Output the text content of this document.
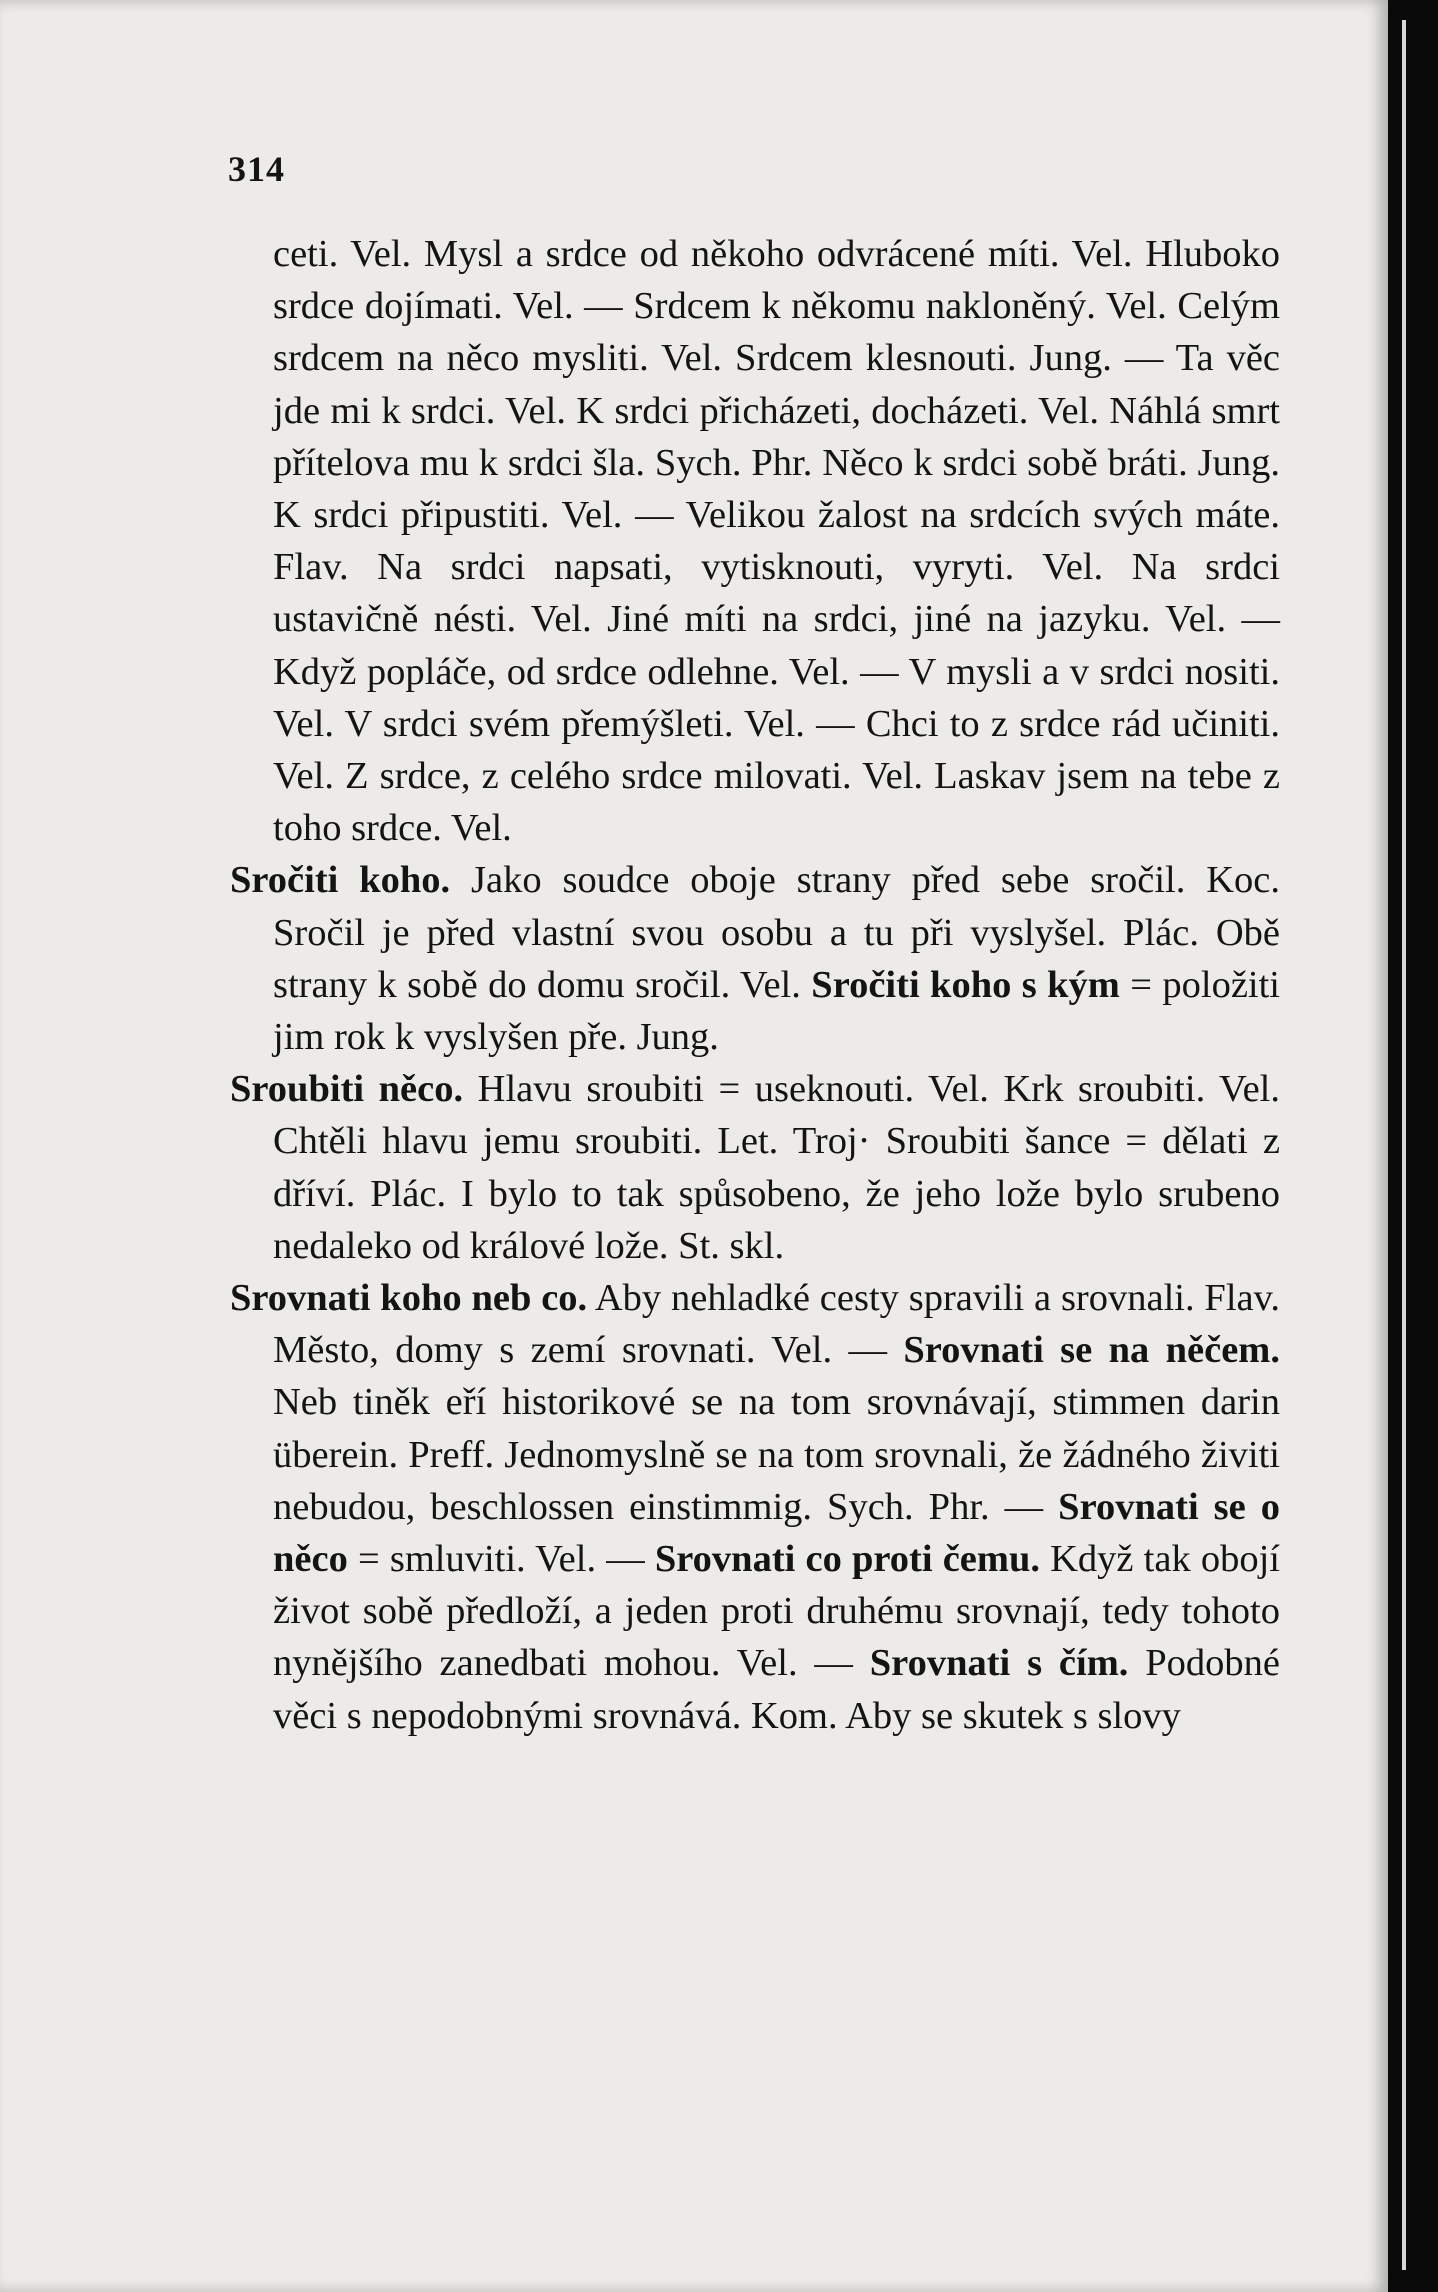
314
ceti. Vel. Mysl a srdce od někoho odvrácené míti. Vel. Hluboko srdce dojímati. Vel. — Srdcem k někomu nakloněný. Vel. Celým srdcem na něco mysliti. Vel. Srdcem klesnouti. Jung. — Ta věc jde mi k srdci. Vel. K srdci přicházeti, docházeti. Vel. Náhlá smrt přítelova mu k srdci šla. Sych. Phr. Něco k srdci sobě bráti. Jung. K srdci připustiti. Vel. — Velikou žalost na srdcích svých máte. Flav. Na srdci napsati, vytisknouti, vyryti. Vel. Na srdci ustavičně nésti. Vel. Jiné míti na srdci, jiné na jazyku. Vel. — Když popláče, od srdce odlehne. Vel. — V mysli a v srdci nositi. Vel. V srdci svém přemýšleti. Vel. — Chci to z srdce rád učiniti. Vel. Z srdce, z celého srdce milovati. Vel. Laskav jsem na tebe z toho srdce. Vel.
Sročiti koho. Jako soudce oboje strany před sebe sročil. Koc. Sročil je před vlastní svou osobu a tu při vyslyšel. Plác. Obě strany k sobě do domu sročil. Vel. Sročiti koho s kým = položiti jim rok k vyslyšen pře. Jung.
Sroubiti něco. Hlavu sroubiti = useknouti. Vel. Krk sroubiti. Vel. Chtěli hlavu jemu sroubiti. Let. Troj· Sroubiti šance = dělati z dříví. Plác. I bylo to tak spůsobeno, že jeho lože bylo srubeno nedaleko od králové lože. St. skl.
Srovnati koho neb co. Aby nehladké cesty spravili a srovnali. Flav. Město, domy s zemí srovnati. Vel. — Srovnati se na něčem. Neb tiněk eří historikové se na tom srovnávají, stimmen darin überein. Preff. Jednomyslně se na tom srovnali, že žádného živiti nebudou, beschlossen einstimmig. Sych. Phr. — Srovnati se o něco = smluviti. Vel. — Srovnati co proti čemu. Když tak obojí život sobě předloží, a jeden proti druhému srovnají, tedy tohoto nynějšího zanedbati mohou. Vel. — Srovnati s čím. Podobné věci s nepodobnými srovnává. Kom. Aby se skutek s slovy
